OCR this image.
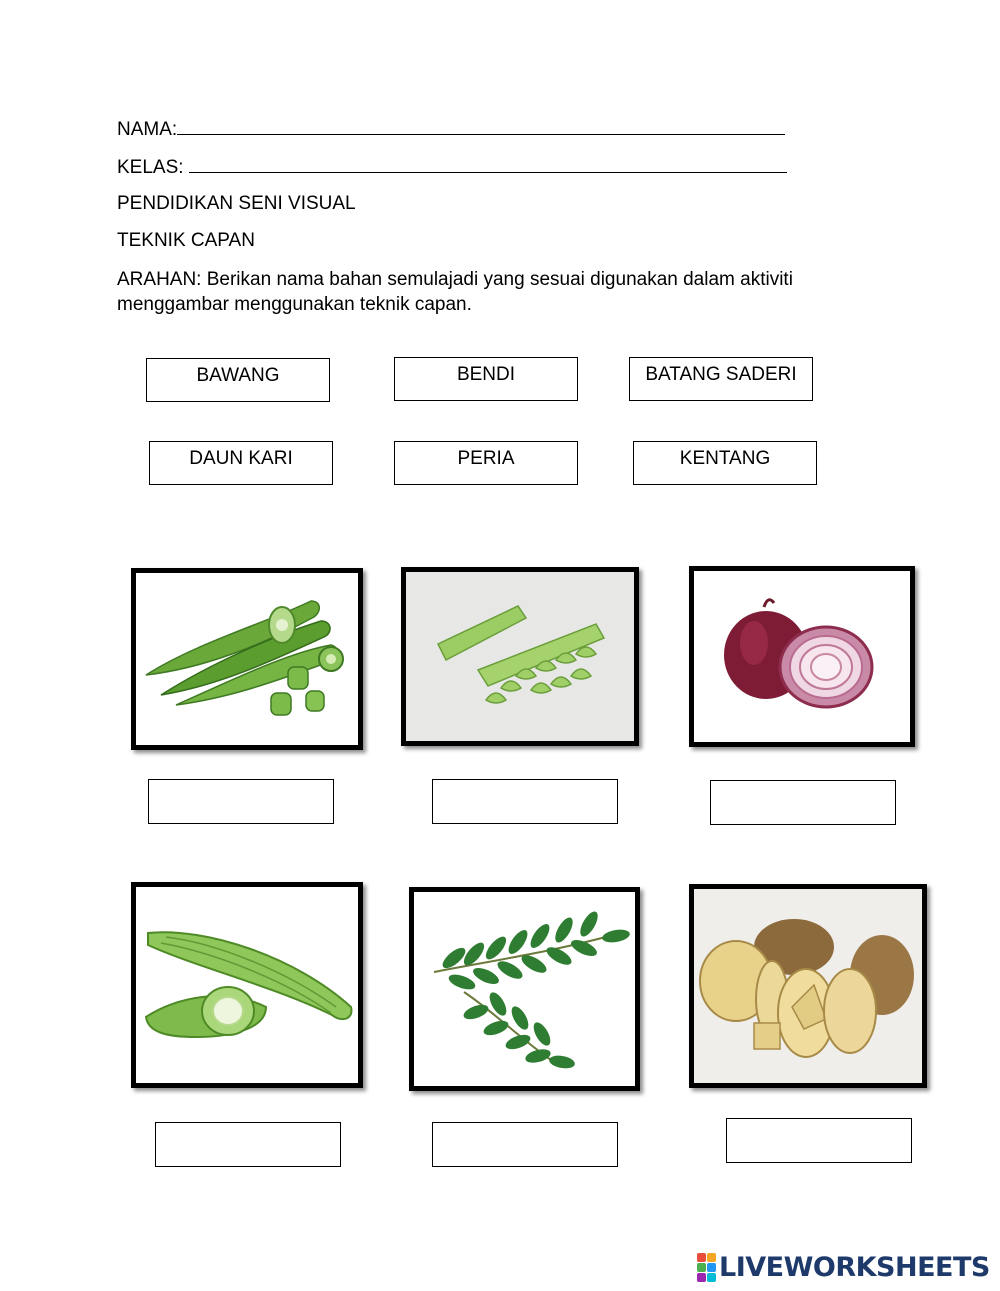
NAMA:
KELAS:
PENDIDIKAN SENI VISUAL
TEKNIK CAPAN
ARAHAN: Berikan nama bahan semulajadi yang sesuai digunakan dalam aktiviti menggambar menggunakan teknik capan.
BAWANG	BENDI	BATANG SADERI
DAUN KARI	PERIA	KENTANG
LIVEWORKSHEETS
